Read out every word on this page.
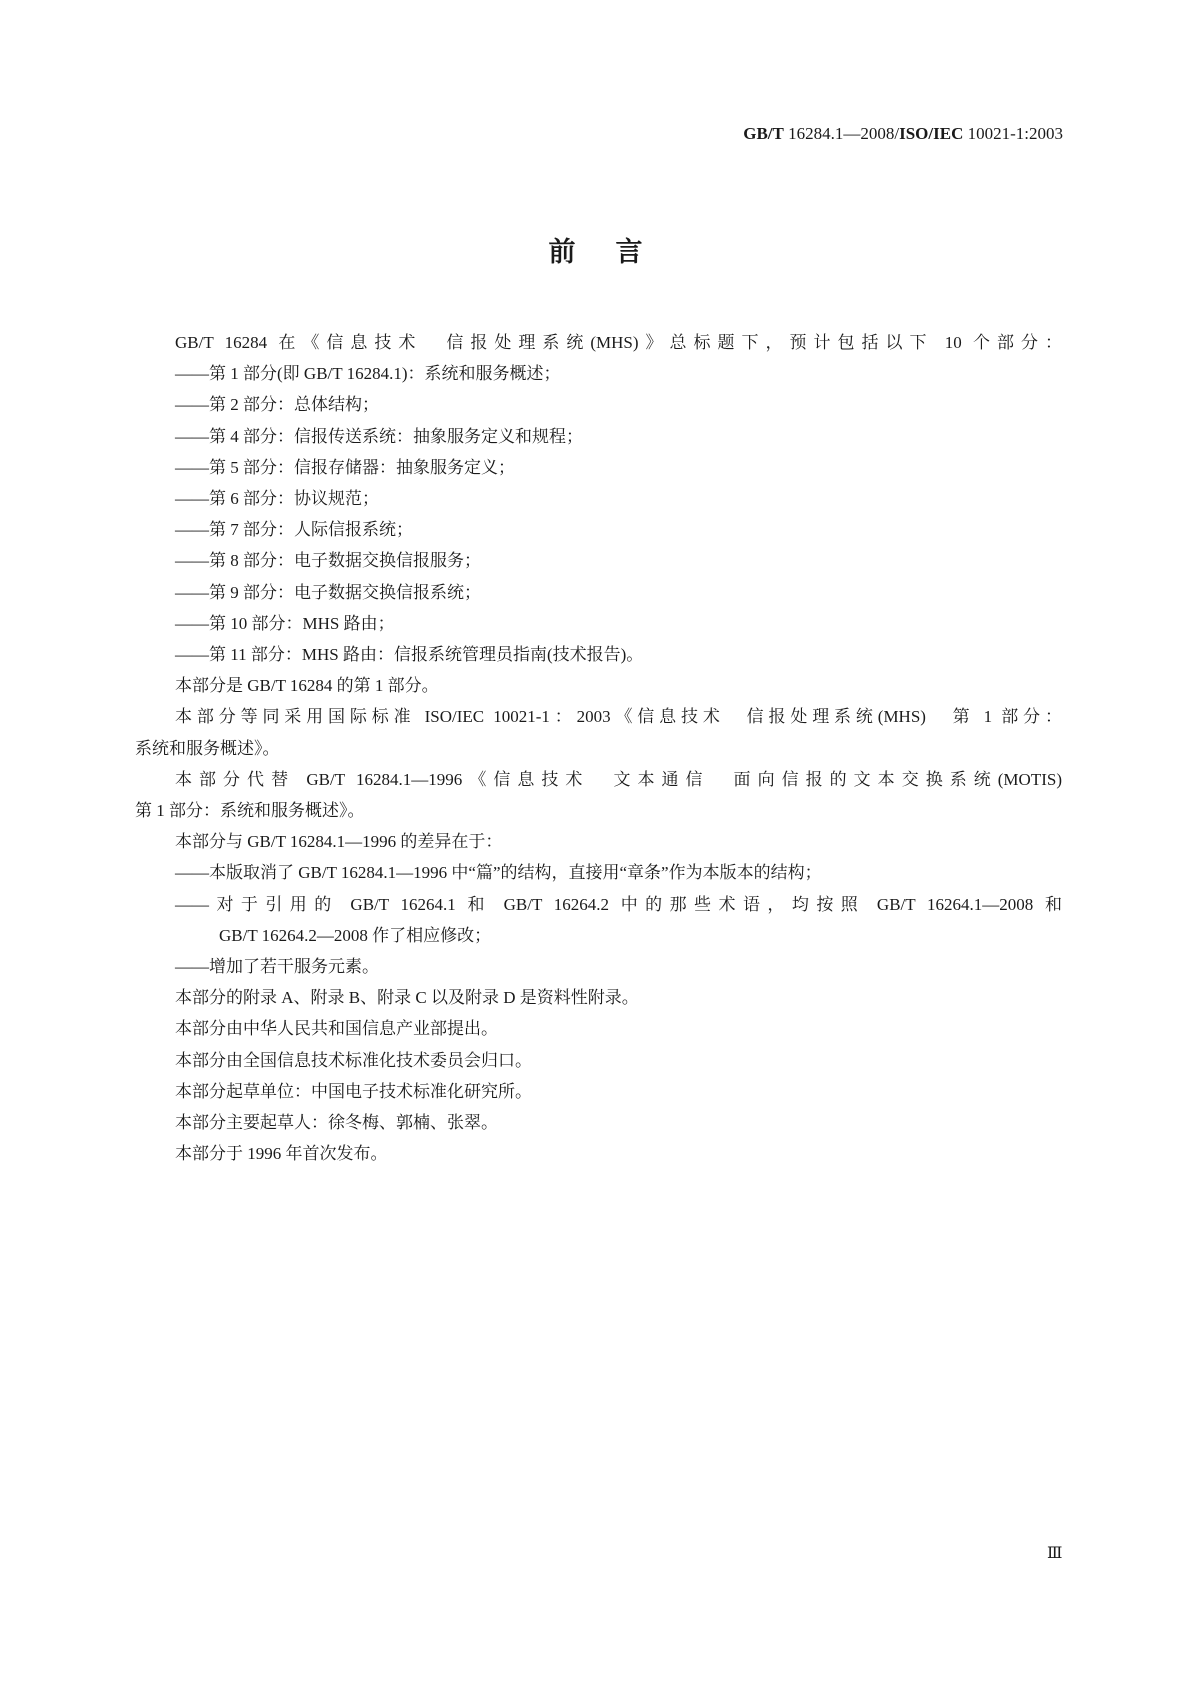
GB/T 16284.1—2008/ISO/IEC 10021-1:2003
前言
GB/T 16284 在《信息技术　信报处理系统(MHS)》总标题下，预计包括以下 10 个部分：
——第 1 部分(即 GB/T 16284.1)：系统和服务概述；
——第 2 部分：总体结构；
——第 4 部分：信报传送系统：抽象服务定义和规程；
——第 5 部分：信报存储器：抽象服务定义；
——第 6 部分：协议规范；
——第 7 部分：人际信报系统；
——第 8 部分：电子数据交换信报服务；
——第 9 部分：电子数据交换信报系统；
——第 10 部分：MHS 路由；
——第 11 部分：MHS 路由：信报系统管理员指南(技术报告)。
本部分是 GB/T 16284 的第 1 部分。
本部分等同采用国际标准 ISO/IEC 10021-1：2003《信息技术　信报处理系统(MHS)　第 1 部分：
系统和服务概述》。
本部分代替 GB/T 16284.1—1996《信息技术　文本通信　面向信报的文本交换系统(MOTIS)
第 1 部分：系统和服务概述》。
本部分与 GB/T 16284.1—1996 的差异在于：
——本版取消了 GB/T 16284.1—1996 中“篇”的结构，直接用“章条”作为本版本的结构；
——对于引用的 GB/T 16264.1 和 GB/T 16264.2 中的那些术语，均按照 GB/T 16264.1—2008 和
GB/T 16264.2—2008 作了相应修改；
——增加了若干服务元素。
本部分的附录 A、附录 B、附录 C 以及附录 D 是资料性附录。
本部分由中华人民共和国信息产业部提出。
本部分由全国信息技术标准化技术委员会归口。
本部分起草单位：中国电子技术标准化研究所。
本部分主要起草人：徐冬梅、郭楠、张翠。
本部分于 1996 年首次发布。
Ⅲ
